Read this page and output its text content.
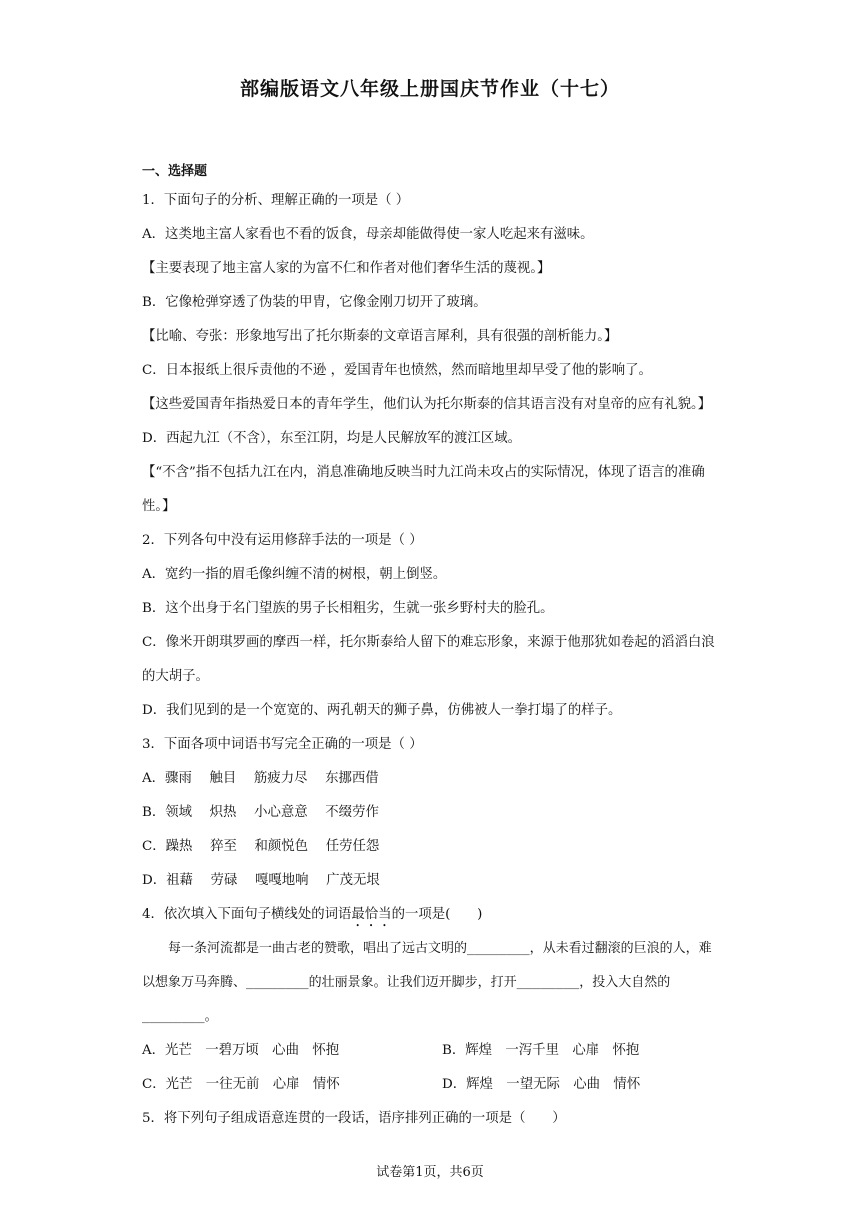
部编版语文八年级上册国庆节作业（十七）
一、选择题
1．下面句子的分析、理解正确的一项是（ ）
A．这类地主富人家看也不看的饭食，母亲却能做得使一家人吃起来有滋味。
【主要表现了地主富人家的为富不仁和作者对他们奢华生活的蔑视。】
B．它像枪弹穿透了伪装的甲胄，它像金刚刀切开了玻璃。
【比喻、夸张：形象地写出了托尔斯泰的文章语言犀利，具有很强的剖析能力。】
C．日本报纸上很斥责他的不逊 ，爱国青年也愤然，然而暗地里却早受了他的影响了。
【这些爱国青年指热爱日本的青年学生，他们认为托尔斯泰的信其语言没有对皇帝的应有礼貌。】
D．西起九江（不含），东至江阴，均是人民解放军的渡江区域。
【“不含”指不包括九江在内，消息准确地反映当时九江尚未攻占的实际情况，体现了语言的准确性。】
2．下列各句中没有运用修辞手法的一项是（ ）
A．宽约一指的眉毛像纠缠不清的树根，朝上倒竖。
B．这个出身于名门望族的男子长相粗劣，生就一张乡野村夫的脸孔。
C．像米开朗琪罗画的摩西一样，托尔斯泰给人留下的难忘形象，来源于他那犹如卷起的滔滔白浪的大胡子。
D．我们见到的是一个宽宽的、两孔朝天的狮子鼻，仿佛被人一拳打塌了的样子。
3．下面各项中词语书写完全正确的一项是（ ）
A．骤雨　 触目　 筋疲力尽　 东挪西借
B．领域　 炽热　 小心意意　 不缀劳作
C．躁热　 猝至　 和颜悦色　 任劳任怨
D．祖藉　 劳碌　 嘎嘎地响　 广茂无垠
4．依次填入下面句子横线处的词语最恰当的一项是(　　)
每一条河流都是一曲古老的赞歌，唱出了远古文明的________，从未看过翻滚的巨浪的人，难以想象万马奔腾、________的壮丽景象。让我们迈开脚步，打开________，投入大自然的________。
A．光芒　一碧万顷　心曲　怀抱	B．辉煌　一泻千里　心扉　怀抱
C．光芒　一往无前　心扉　情怀	D．辉煌　一望无际　心曲　情怀
5．将下列句子组成语意连贯的一段话，语序排列正确的一项是（　　）
试卷第1页，共6页
